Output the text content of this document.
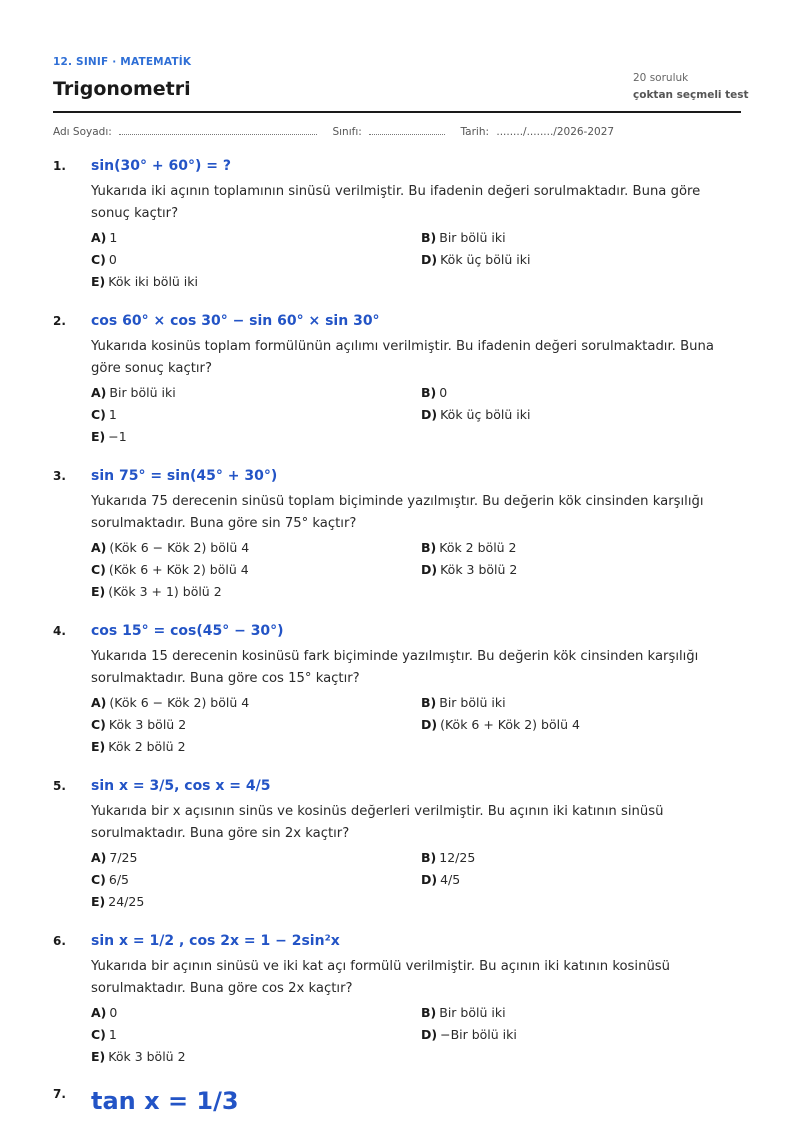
12. SINIF · MATEMATİK
Trigonometri	20 soruluk
çoktan seçmeli test
Adı Soyadı:	Sınıfı:	Tarih: ......../......../2026-2027
1. sin(30° + 60°) = ?
Yukarıda iki açının toplamının sinüsü verilmiştir. Bu ifadenin değeri sorulmaktadır. Buna göre sonuç kaçtır?
A) 1	B) Bir bölü iki
C) 0	D) Kök üç bölü iki
E) Kök iki bölü iki
2. cos 60° × cos 30° − sin 60° × sin 30°
Yukarıda kosinüs toplam formülünün açılımı verilmiştir. Bu ifadenin değeri sorulmaktadır. Buna göre sonuç kaçtır?
A) Bir bölü iki	B) 0
C) 1	D) Kök üç bölü iki
E) −1
3. sin 75° = sin(45° + 30°)
Yukarıda 75 derecenin sinüsü toplam biçiminde yazılmıştır. Bu değerin kök cinsinden karşılığı sorulmaktadır. Buna göre sin 75° kaçtır?
A) (Kök 6 − Kök 2) bölü 4	B) Kök 2 bölü 2
C) (Kök 6 + Kök 2) bölü 4	D) Kök 3 bölü 2
E) (Kök 3 + 1) bölü 2
4. cos 15° = cos(45° − 30°)
Yukarıda 15 derecenin kosinüsü fark biçiminde yazılmıştır. Bu değerin kök cinsinden karşılığı sorulmaktadır. Buna göre cos 15° kaçtır?
A) (Kök 6 − Kök 2) bölü 4	B) Bir bölü iki
C) Kök 3 bölü 2	D) (Kök 6 + Kök 2) bölü 4
E) Kök 2 bölü 2
5. sin x = 3/5, cos x = 4/5
Yukarıda bir x açısının sinüs ve kosinüs değerleri verilmiştir. Bu açının iki katının sinüsü sorulmaktadır. Buna göre sin 2x kaçtır?
A) 7/25	B) 12/25
C) 6/5	D) 4/5
E) 24/25
6. sin x = 1/2 , cos 2x = 1 − 2sin²x
Yukarıda bir açının sinüsü ve iki kat açı formülü verilmiştir. Bu açının iki katının kosinüsü sorulmaktadır. Buna göre cos 2x kaçtır?
A) 0	B) Bir bölü iki
C) 1	D) −Bir bölü iki
E) Kök 3 bölü 2
7. tan x = 1/3
